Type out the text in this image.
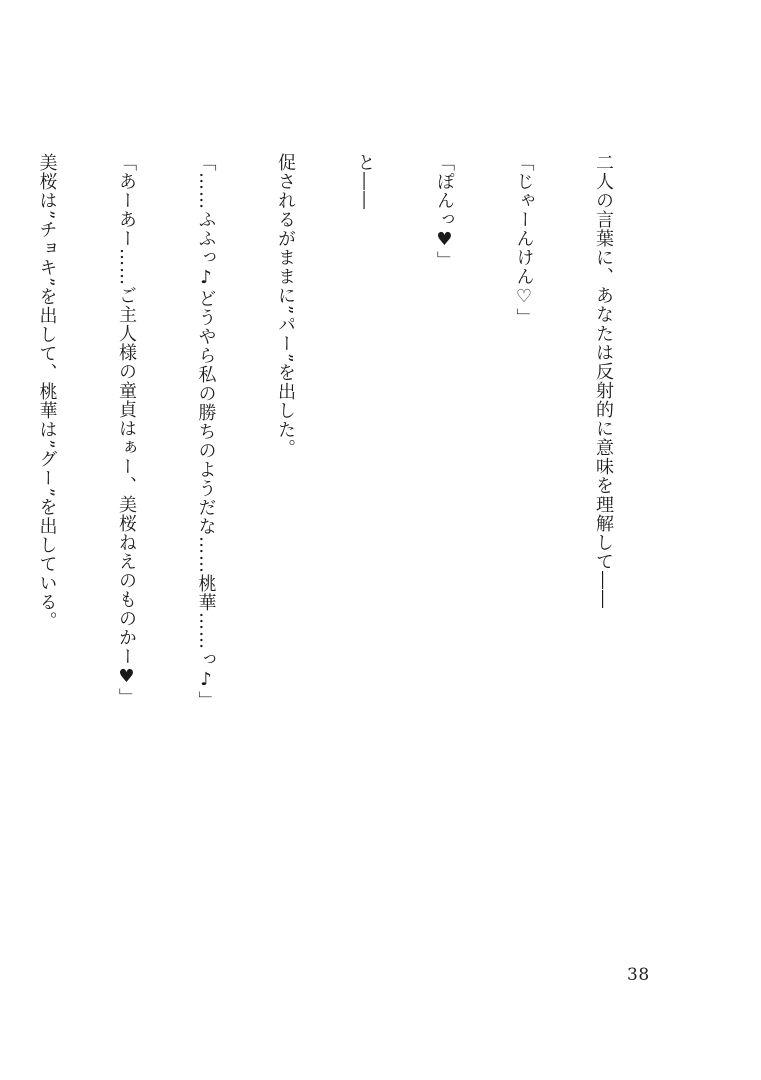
二人の言葉に、あなたは反射的に意味を理解して――

「じゃーんけん♡」

「ぽんっ♥」

と――

促されるがままに”パー”を出した。

「……ふふっ♪どうやら私の勝ちのようだな……桃華……っ♪」

「あーあー……ご主人様の童貞はぁー、美桜ねえのものかー♥」

美桜は”チョキ”を出して、桃華は”グー”を出している。

38
